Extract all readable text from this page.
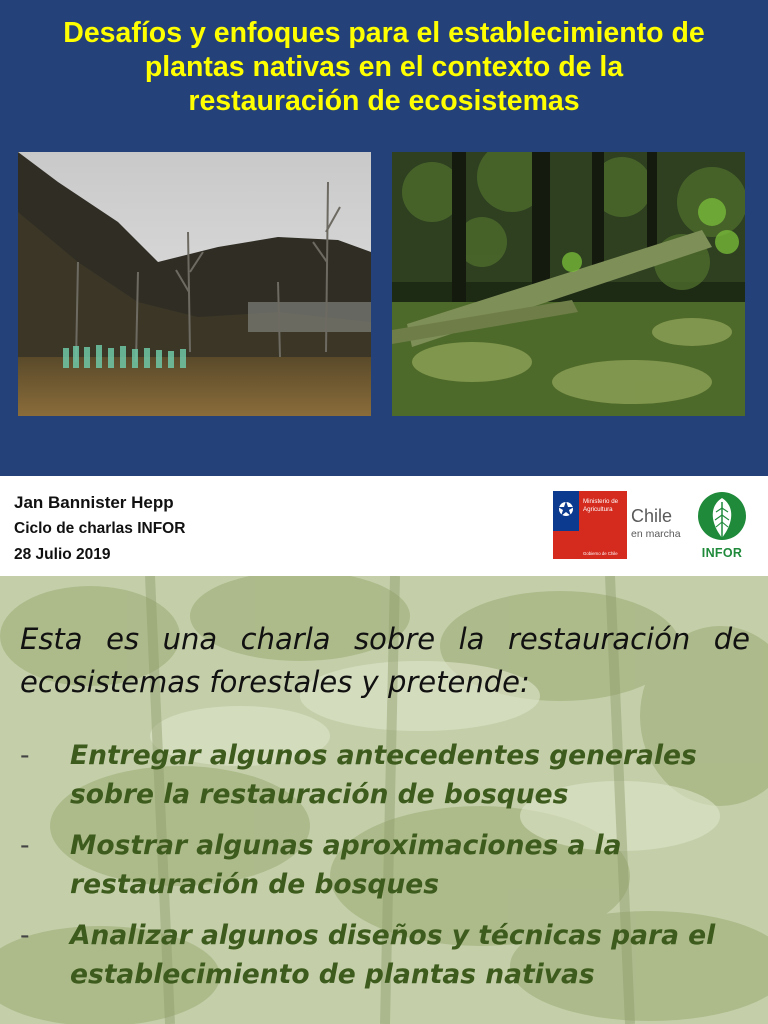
Desafíos y enfoques para el establecimiento de
plantas nativas en el contexto de la
restauración de ecosistemas
Jan Bannister Hepp
Ciclo de charlas INFOR
28 Julio 2019
Ministerio de
Agricultura
Gobierno de Chile
Chile
en marcha
INFOR

Esta es una charla sobre la restauración de ecosistemas forestales y pretende:

- Entregar algunos antecedentes generales sobre la restauración de bosques
- Mostrar algunas aproximaciones a la restauración de bosques
- Analizar algunos diseños y técnicas para el establecimiento de plantas nativas
